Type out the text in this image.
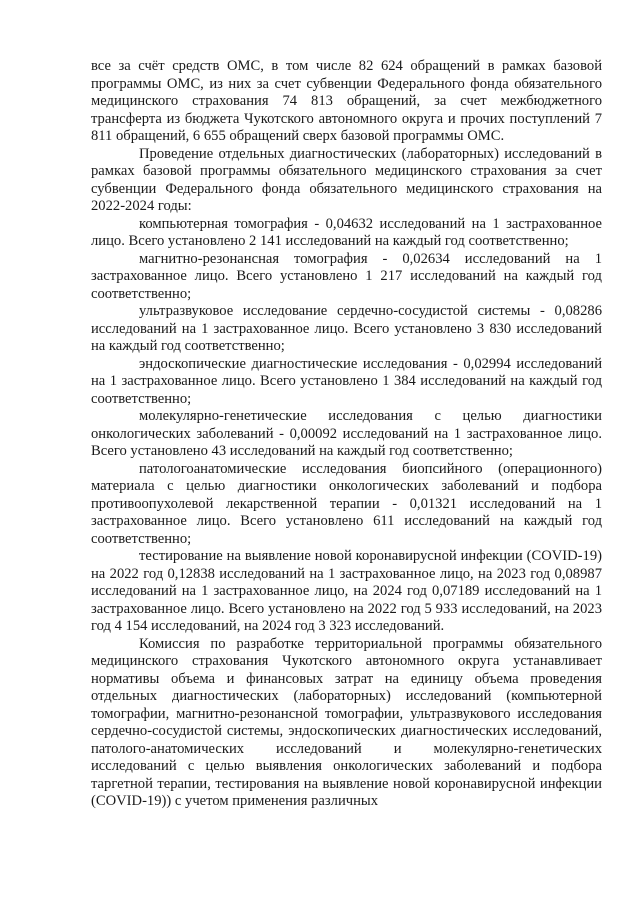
все за счёт средств ОМС, в том числе 82 624 обращений в рамках базовой программы ОМС, из них за счет субвенции Федерального фонда обязательного медицинского страхования 74 813 обращений, за счет межбюджетного трансферта из бюджета Чукотского автономного округа и прочих поступлений 7 811 обращений, 6 655 обращений сверх базовой программы ОМС.

Проведение отдельных диагностических (лабораторных) исследований в рамках базовой программы обязательного медицинского страхования за счет субвенции Федерального фонда обязательного медицинского страхования на 2022-2024 годы:

компьютерная томография - 0,04632 исследований на 1 застрахованное лицо. Всего установлено 2 141 исследований на каждый год соответственно;

магнитно-резонансная томография - 0,02634 исследований на 1 застрахованное лицо. Всего установлено 1 217 исследований на каждый год соответственно;

ультразвуковое исследование сердечно-сосудистой системы - 0,08286 исследований на 1 застрахованное лицо. Всего установлено 3 830 исследований на каждый год соответственно;

эндоскопические диагностические исследования - 0,02994 исследований на 1 застрахованное лицо. Всего установлено 1 384 исследований на каждый год соответственно;

молекулярно-генетические исследования с целью диагностики онкологических заболеваний - 0,00092 исследований на 1 застрахованное лицо. Всего установлено 43 исследований на каждый год соответственно;

патологоанатомические исследования биопсийного (операционного) материала с целью диагностики онкологических заболеваний и подбора противоопухолевой лекарственной терапии - 0,01321 исследований на 1 застрахованное лицо. Всего установлено 611 исследований на каждый год соответственно;

тестирование на выявление новой коронавирусной инфекции (COVID-19) на 2022 год 0,12838 исследований на 1 застрахованное лицо, на 2023 год 0,08987 исследований на 1 застрахованное лицо, на 2024 год 0,07189 исследований на 1 застрахованное лицо. Всего установлено на 2022 год 5 933 исследований, на 2023 год 4 154 исследований, на 2024 год 3 323 исследований.

Комиссия по разработке территориальной программы обязательного медицинского страхования Чукотского автономного округа устанавливает нормативы объема и финансовых затрат на единицу объема проведения отдельных диагностических (лабораторных) исследований (компьютерной томографии, магнитно-резонансной томографии, ультразвукового исследования сердечно-сосудистой системы, эндоскопических диагностических исследований, патолого-анатомических исследований и молекулярно-генетических исследований с целью выявления онкологических заболеваний и подбора таргетной терапии, тестирования на выявление новой коронавирусной инфекции (COVID-19)) с учетом применения различных
